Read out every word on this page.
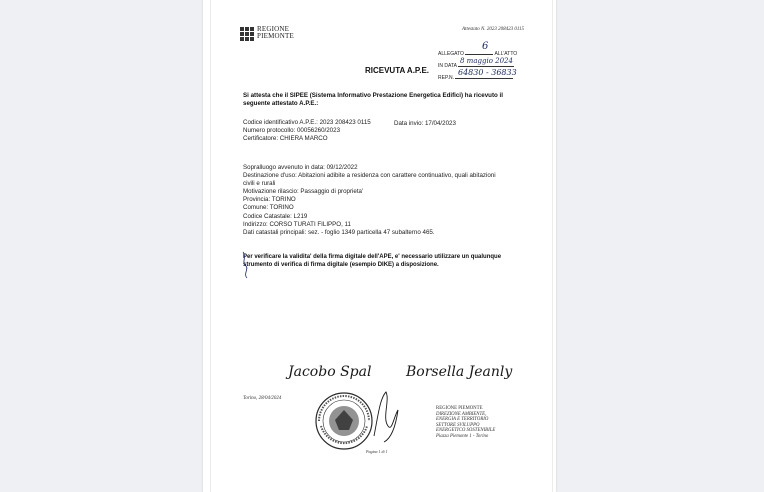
REGIONE
PIEMONTE
Attestato N. 2023 208423 0115
ALLEGATO	ALL'ATTO
IN DATA
REP.N.
6
8 maggio 2024
64830 - 36833
RICEVUTA A.P.E.
Si attesta che il SIPEE (Sistema Informativo Prestazione Energetica Edifici) ha ricevuto il seguente attestato A.P.E.:
Codice identificativo A.P.E.: 2023 208423 0115
Numero protocollo: 00056260/2023
Certificatore: CHIERA MARCO
Data invio: 17/04/2023
Sopralluogo avvenuto in data: 09/12/2022
Destinazione d'uso: Abitazioni adibite a residenza con carattere continuativo, quali abitazioni
civili e rurali
Motivazione rilascio: Passaggio di proprieta'
Provincia: TORINO
Comune: TORINO
Codice Catastale: L219
Indirizzo: CORSO TURATI FILIPPO, 11
Dati catastali principali: sez. - foglio 1349 particella 47 subalterno 465.
Per verificare la validita' della firma digitale dell'APE, e' necessario utilizzare un qualunque strumento di verifica di firma digitale (esempio DIKE) a disposizione.
Jacobo Spal Borsella Jeanly
Torino, 28/04/2024
Pagina 1 di 1
REGIONE PIEMONTE
DIREZIONE AMBIENTE,
ENERGIA E TERRITORIO
SETTORE SVILUPPO
ENERGETICO SOSTENIBILE
Piazza Piemonte 1 - Torino
